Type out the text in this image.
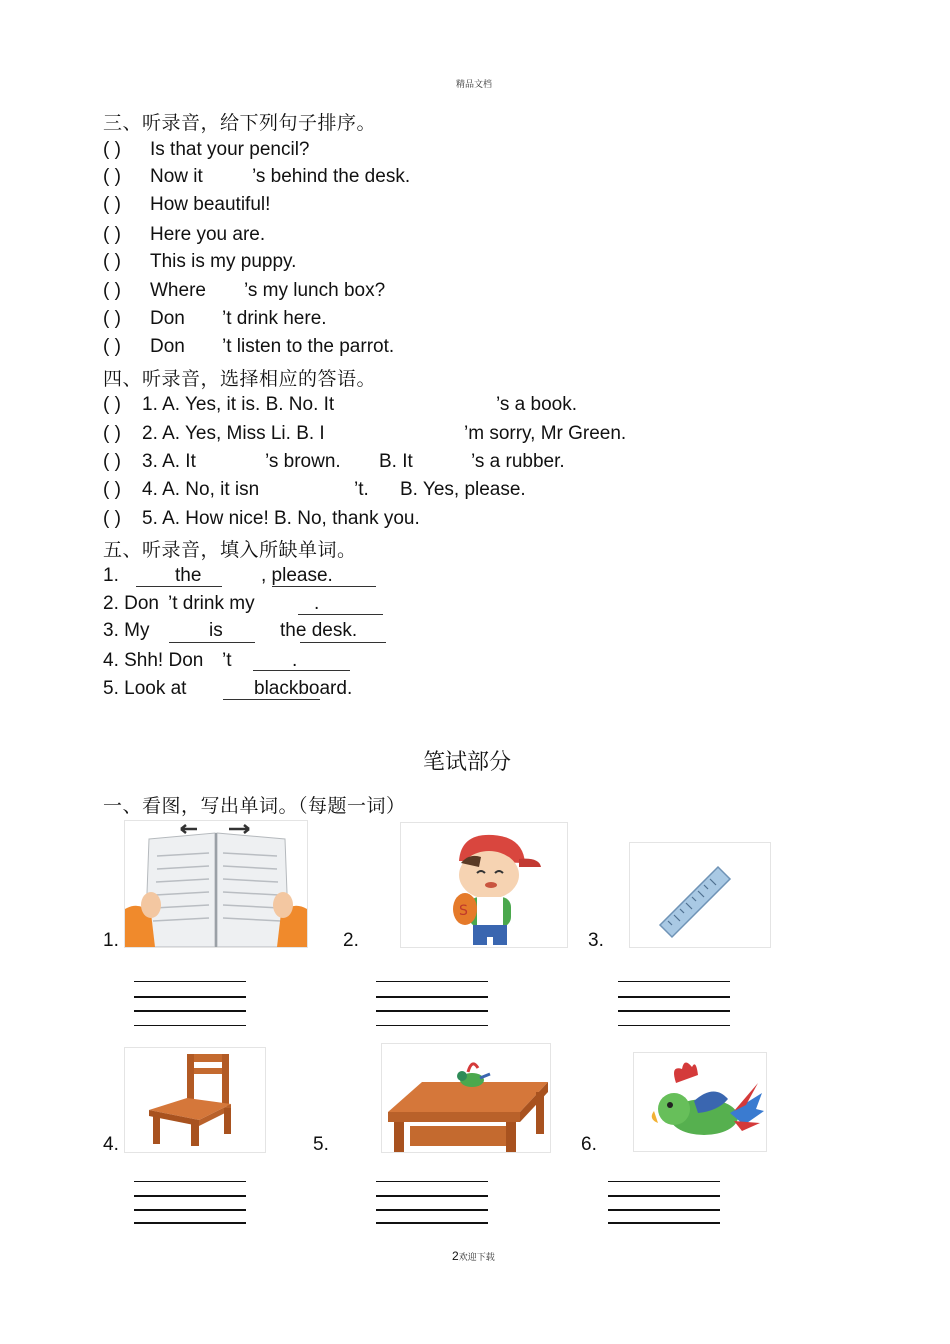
精品文档
三、听录音，给下列句子排序。
( ) Is that your pencil?
( ) Now it	’s behind the desk.
( ) How beautiful!
( ) Here you are.
( ) This is my puppy.
( ) Where ’s my lunch box?
( ) Don ’t drink here.
( ) Don ’t listen to the parrot.
四、听录音，选择相应的答语。
( ) 1. A. Yes, it is. B. No. It	’s a book.
( ) 2. A. Yes, Miss Li. B. I	’m sorry, Mr Green.
( ) 3. A. It	’s brown. B. It	’s a rubber.
( ) 4. A. No, it isn	’t. B. Yes, please.
( ) 5. A. How nice! B. No, thank you.
五、听录音，填入所缺单词。
1.	the	, please.
2. Don ’t drink my	.
3. My	is	the desk.
4. Shh! Don ’t	.
5. Look at	blackboard.
笔试部分
一、看图，写出单词。（每题一词）
1.	2.	3.
4.	5.	6.
S
2欢迎下载
